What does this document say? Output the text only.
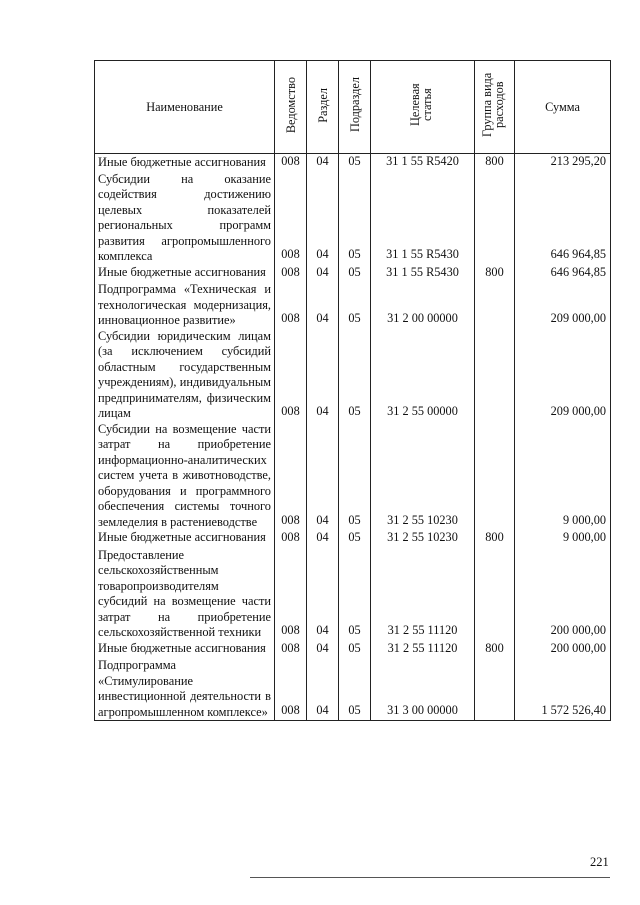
Наименование	Ведомство	Раздел	Подраздел	Целевая статья	Группа вида расходов	Сумма
Иные бюджетные ассигнования	008	04	05	31 1 55 R5420	800	213 295,20
Субсидии на оказание содействия достижению целевых показателей региональных программ развития агропромышленного комплекса	008	04	05	31 1 55 R5430		646 964,85
Иные бюджетные ассигнования	008	04	05	31 1 55 R5430	800	646 964,85
Подпрограмма «Техническая и технологическая модернизация, инновационное развитие»	008	04	05	31 2 00 00000		209 000,00
Субсидии юридическим лицам (за исключением субсидий областным государственным учреждениям), индивидуальным предпринимателям, физическим лицам	008	04	05	31 2 55 00000		209 000,00
Субсидии на возмещение части затрат на приобретение информационно-аналитических систем учета в животноводстве, оборудования и программного обеспечения системы точного земледелия в растениеводстве	008	04	05	31 2 55 10230		9 000,00
Иные бюджетные ассигнования	008	04	05	31 2 55 10230	800	9 000,00
Предоставление сельскохозяйственным товаропроизводителям субсидий на возмещение части затрат на приобретение сельскохозяйственной техники	008	04	05	31 2 55 11120		200 000,00
Иные бюджетные ассигнования	008	04	05	31 2 55 11120	800	200 000,00
Подпрограмма «Стимулирование инвестиционной деятельности в агропромышленном комплексе»	008	04	05	31 3 00 00000		1 572 526,40
221
